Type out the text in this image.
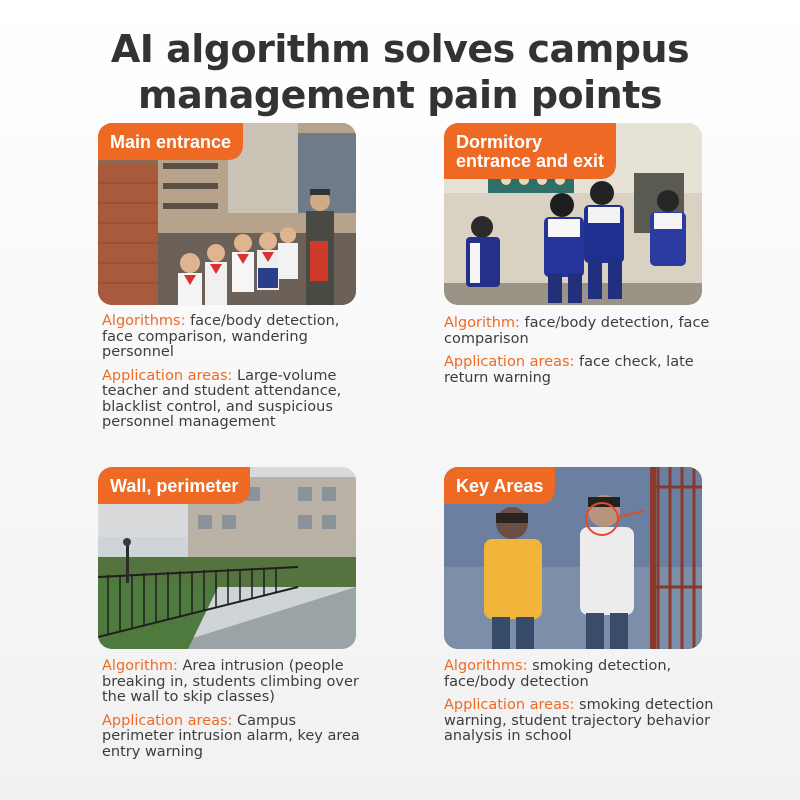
AI algorithm solves campus
management pain points
Main entrance

Algorithms: face/body detection, face comparison, wandering personnel

Application areas: Large-volume teacher and student attendance, blacklist control, and suspicious personnel management

Dormitory
entrance and exit

Algorithm: face/body detection, face comparison

Application areas: face check, late return warning

Wall, perimeter

Algorithm: Area intrusion (people breaking in, students climbing over the wall to skip classes)

Application areas: Campus perimeter intrusion alarm, key area entry warning

Key Areas

Algorithms: smoking detection, face/body detection

Application areas: smoking detection warning, student trajectory behavior analysis in school
